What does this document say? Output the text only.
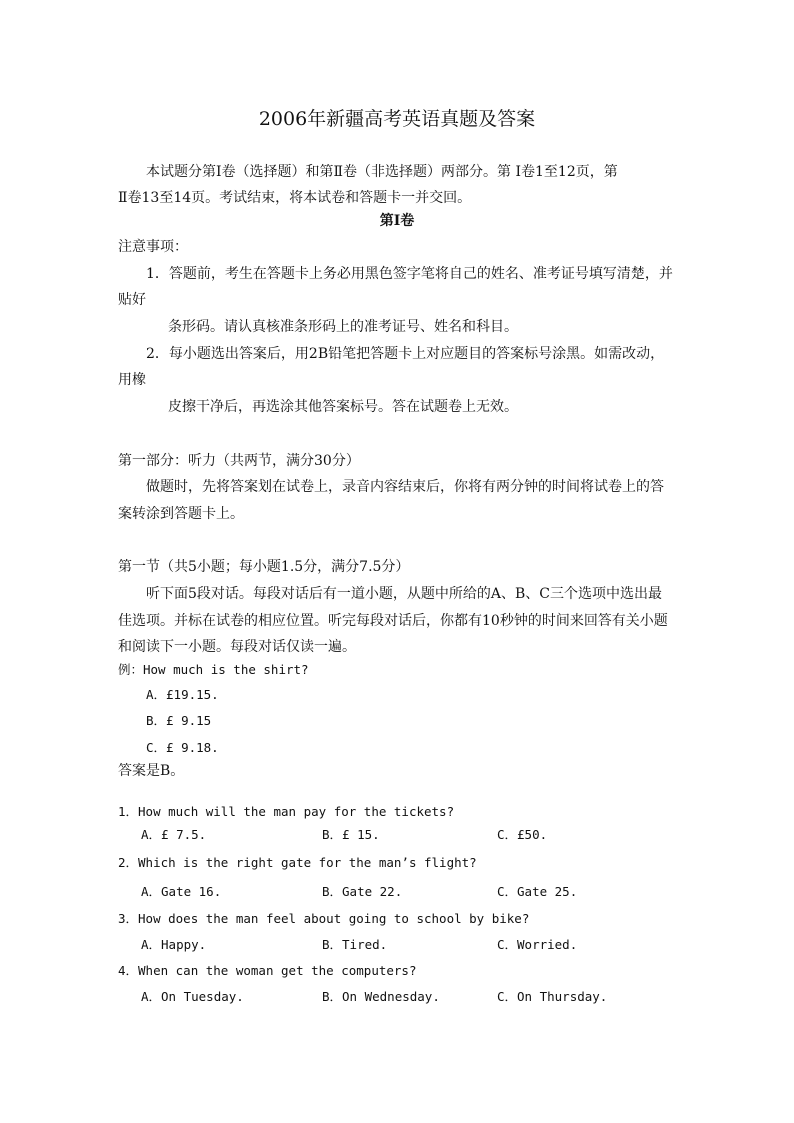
2006年新疆高考英语真题及答案
本试题分第Ⅰ卷（选择题）和第Ⅱ卷（非选择题）两部分。第 Ⅰ卷1至12页，第
Ⅱ卷13至14页。考试结束，将本试卷和答题卡一并交回。
第Ⅰ卷
注意事项：
1．答题前，考生在答题卡上务必用黑色签字笔将自己的姓名、准考证号填写清楚，并
贴好
条形码。请认真核准条形码上的准考证号、姓名和科目。
2．每小题选出答案后，用2B铅笔把答题卡上对应题目的答案标号涂黑。如需改动，
用橡
皮擦干净后，再选涂其他答案标号。答在试题卷上无效。
第一部分：听力（共两节，满分30分）
做题时，先将答案划在试卷上，录音内容结束后，你将有两分钟的时间将试卷上的答
案转涂到答题卡上。
第一节（共5小题；每小题1.5分，满分7.5分）
听下面5段对话。每段对话后有一道小题，从题中所给的A、B、C三个选项中选出最
佳选项。并标在试卷的相应位置。听完每段对话后，你都有10秒钟的时间来回答有关小题
和阅读下一小题。每段对话仅读一遍。
例：How much is the shirt?
A．£19.15.
B．£ 9.15
C．£ 9.18.
答案是B。
1．How much will the man pay for the tickets?
A．£ 7.5.	B．£ 15.	C．£50.
2．Which is the right gate for the man’s flight?
A．Gate 16.	B．Gate 22.	C．Gate 25.
3．How does the man feel about going to school by bike?
A．Happy.	B．Tired.	C．Worried.
4．When can the woman get the computers?
A．On Tuesday.	B．On Wednesday.	C．On Thursday.
